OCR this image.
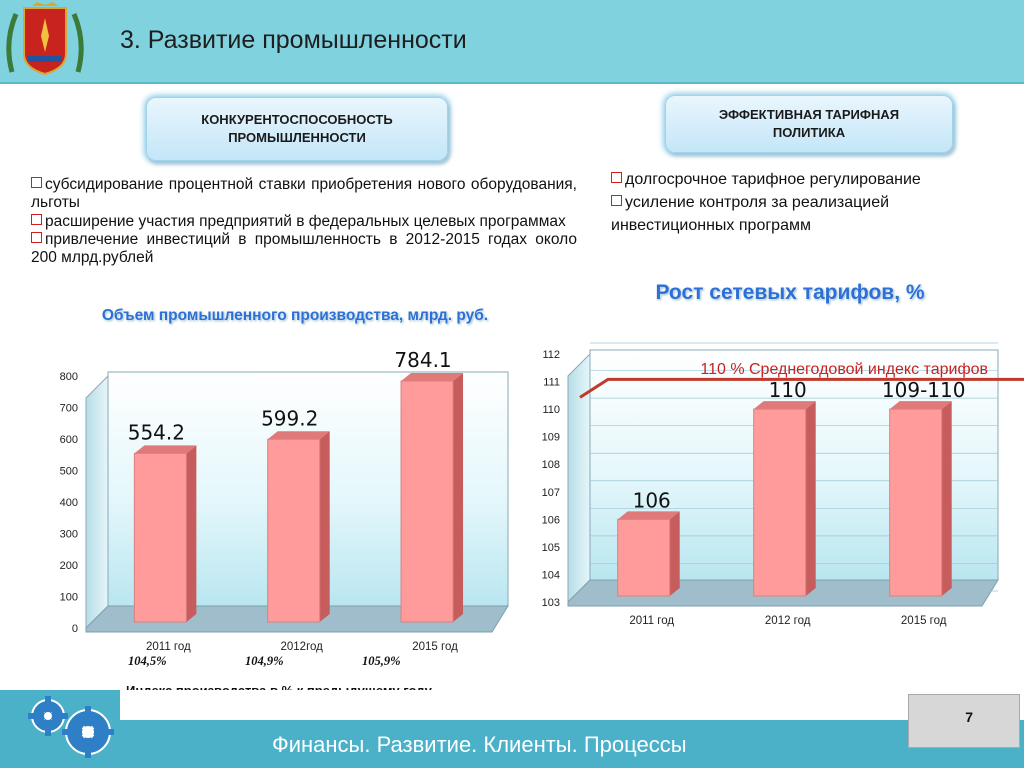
3. Развитие промышленности
КОНКУРЕНТОСПОСОБНОСТЬ
ПРОМЫШЛЕННОСТИ
ЭФФЕКТИВНАЯ ТАРИФНАЯ
ПОЛИТИКА

субсидирование процентной ставки приобретения нового оборудования, льготы

расширение участия предприятий в федеральных целевых программах

привлечение инвестиций в промышленность в 2012-2015 годах около 200 млрд.рублей

долгосрочное тарифное регулирование

усиление контроля за реализацией инвестиционных программ

Объем промышленного производства, млрд. руб.
Рост сетевых тарифов, %
0
100
200
300
400
500
600
700
800
554.2
2011 год
599.2
2012год
784.1
2015 год
103
104
105
106
107
108
109
110
111
112
110 % Среднегодовой индекс тарифов
106
2011 год
110
2012 год
109-110
2015 год
104,5%	104,9%	105,9%
Финансы. Развитие. Клиенты. Процессы
7
